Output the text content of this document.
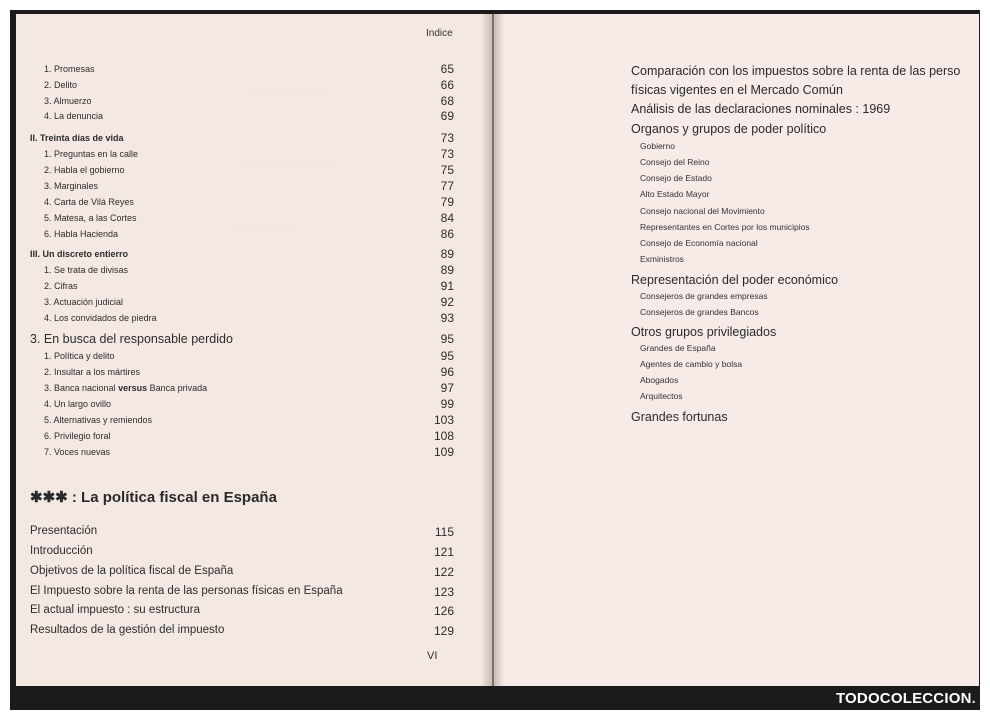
· · · · · · · · · · · · · ·
· · · · · · · · · · · · · · · · ·
· · · · · · · · · · · ·
Indice
1. Promesas	65
2. Delito	66
3. Almuerzo	68
4. La denuncia	69
II. Treinta días de vida	73
1. Preguntas en la calle	73
2. Habla el gobierno	75
3. Marginales	77
4. Carta de Vilá Reyes	79
5. Matesa, a las Cortes	84
6. Habla Hacienda	86
III. Un discreto entierro	89
1. Se trata de divisas	89
2. Cifras	91
3. Actuación judicial	92
4. Los convidados de piedra	93
3. En busca del responsable perdido	95
1. Política y delito	95
2. Insultar a los mártires	96
3. Banca nacional versus Banca privada	97
4. Un largo ovillo	99
5. Alternativas y remiendos	103
6. Privilegio foral	108
7. Voces nuevas	109
✱✱✱ : La política fiscal en España
Presentación	115
Introducción	121
Objetivos de la política fiscal de España	122
El Impuesto sobre la renta de las personas físicas en España	123
El actual impuesto : su estructura	126
Resultados de la gestión del impuesto	129
VI
Comparación con los impuestos sobre la renta de las perso
físicas vigentes en el Mercado Común
Análisis de las declaraciones nominales : 1969
Organos y grupos de poder político
Gobierno
Consejo del Reino
Consejo de Estado
Alto Estado Mayor
Consejo nacional del Movimiento
Representantes en Cortes por los municipios
Consejo de Economía nacional
Exministros
Representación del poder económico
Consejeros de grandes empresas
Consejeros de grandes Bancos
Otros grupos privilegiados
Grandes de España
Agentes de cambio y bolsa
Abogados
Arquitectos
Grandes fortunas
TODOCOLECCION.
